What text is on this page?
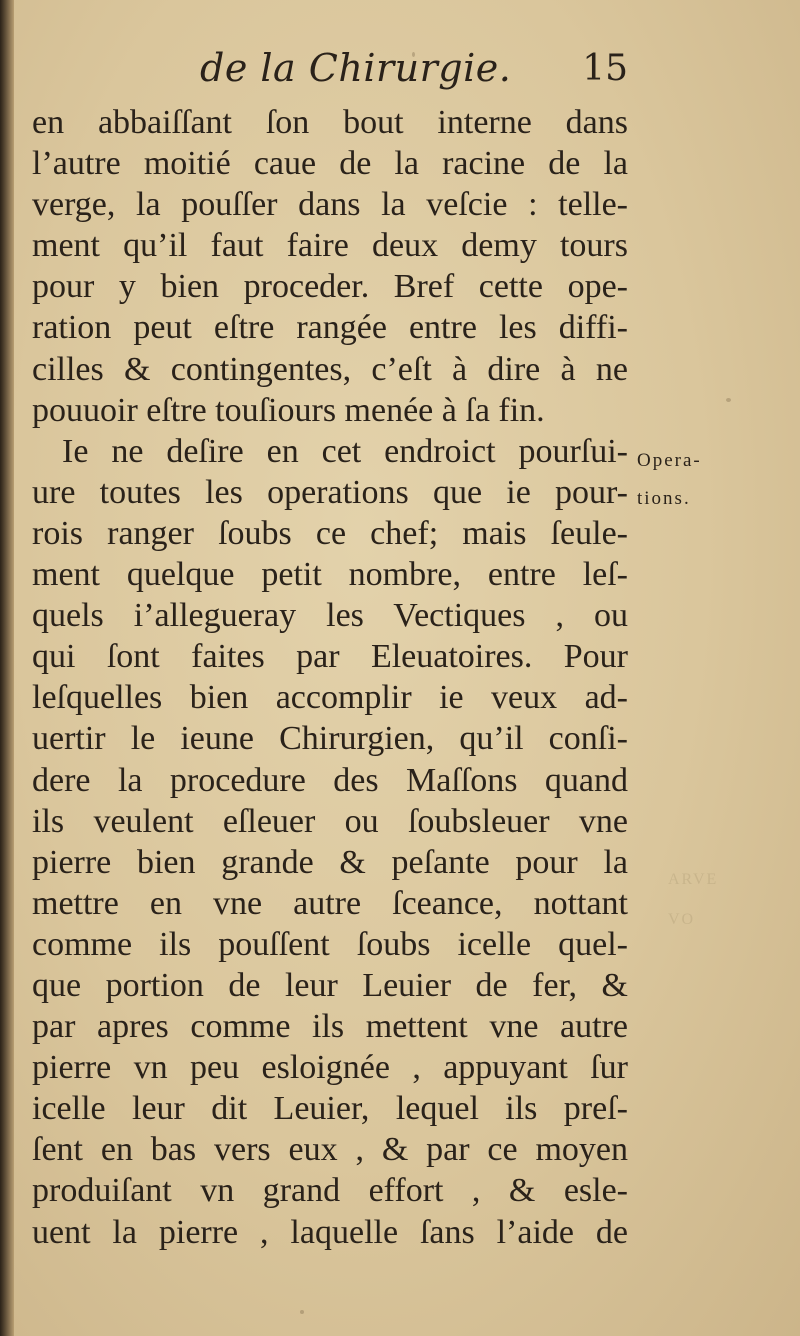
de la Chirurgie. 15
en abbaiſſant ſon bout interne dans
l’autre moitié caue de la racine de la
verge, la pouſſer dans la veſcie : telle-
ment qu’il faut faire deux demy tours
pour y bien proceder. Bref cette ope-
ration peut eſtre rangée entre les diffi-
cilles & contingentes, c’eſt à dire à ne
pouuoir eſtre touſiours menée à ſa fin.
Ie ne deſire en cet endroict pourſui-
ure toutes les operations que ie pour-
rois ranger ſoubs ce chef; mais ſeule-
ment quelque petit nombre, entre leſ-
quels i’allegueray les Vectiques , ou
qui ſont faites par Eleuatoires. Pour
leſquelles bien accomplir ie veux ad-
uertir le ieune Chirurgien, qu’il conſi-
dere la procedure des Maſſons quand
ils veulent eſleuer ou ſoubsleuer vne
pierre bien grande & peſante pour la
mettre en vne autre ſceance, nottant
comme ils pouſſent ſoubs icelle quel-
que portion de leur Leuier de fer, &
par apres comme ils mettent vne autre
pierre vn peu esloignée , appuyant ſur
icelle leur dit Leuier, lequel ils preſ-
ſent en bas vers eux , & par ce moyen
produiſant vn grand effort , & esle-
uent la pierre , laquelle ſans l’aide de
Opera-
tions.
ARVE
VO
